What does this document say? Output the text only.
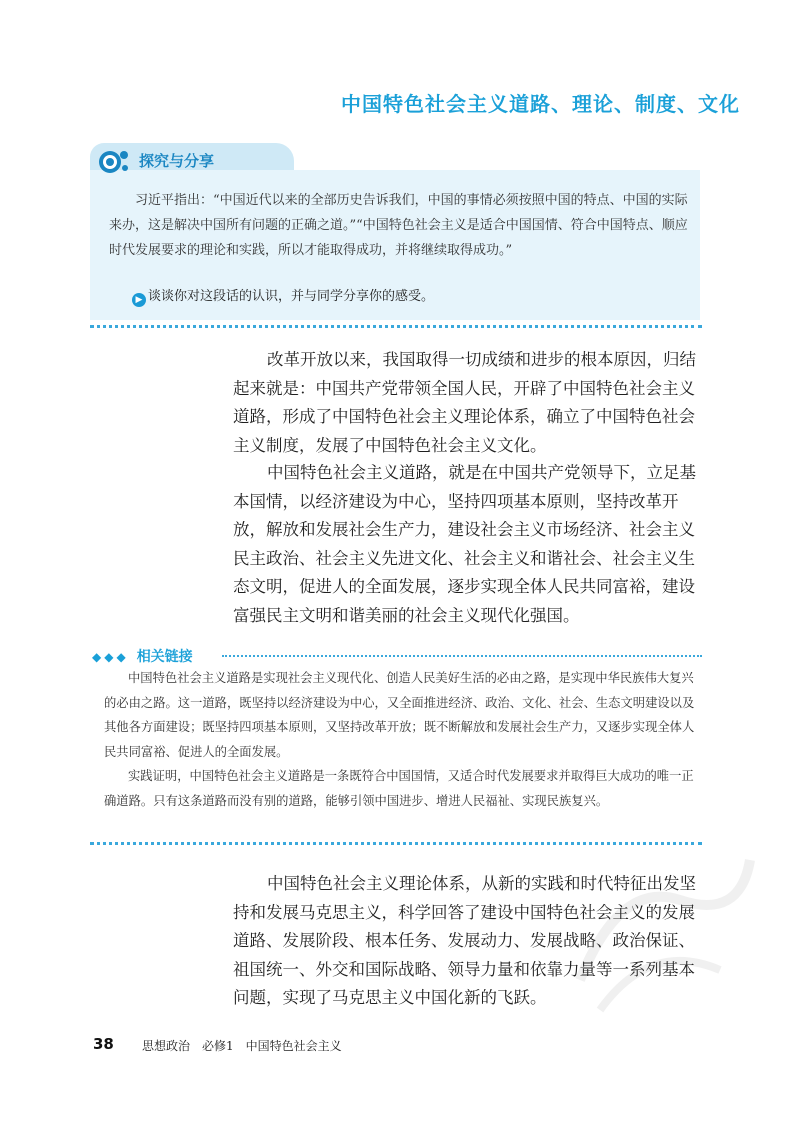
中国特色社会主义道路、理论、制度、文化
探究与分享

习近平指出：“中国近代以来的全部历史告诉我们，中国的事情必须按照中国的特点、中国的实际来办，这是解决中国所有问题的正确之道。”“中国特色社会主义是适合中国国情、符合中国特点、顺应时代发展要求的理论和实践，所以才能取得成功，并将继续取得成功。”

▶ 谈谈你对这段话的认识，并与同学分享你的感受。

改革开放以来，我国取得一切成绩和进步的根本原因，归结起来就是：中国共产党带领全国人民，开辟了中国特色社会主义道路，形成了中国特色社会主义理论体系，确立了中国特色社会主义制度，发展了中国特色社会主义文化。

中国特色社会主义道路，就是在中国共产党领导下，立足基本国情，以经济建设为中心，坚持四项基本原则，坚持改革开放，解放和发展社会生产力，建设社会主义市场经济、社会主义民主政治、社会主义先进文化、社会主义和谐社会、社会主义生态文明，促进人的全面发展，逐步实现全体人民共同富裕，建设富强民主文明和谐美丽的社会主义现代化强国。

◆◆◆ 相关链接

中国特色社会主义道路是实现社会主义现代化、创造人民美好生活的必由之路，是实现中华民族伟大复兴的必由之路。这一道路，既坚持以经济建设为中心，又全面推进经济、政治、文化、社会、生态文明建设以及其他各方面建设；既坚持四项基本原则，又坚持改革开放；既不断解放和发展社会生产力，又逐步实现全体人民共同富裕、促进人的全面发展。

实践证明，中国特色社会主义道路是一条既符合中国国情，又适合时代发展要求并取得巨大成功的唯一正确道路。只有这条道路而没有别的道路，能够引领中国进步、增进人民福祉、实现民族复兴。

中国特色社会主义理论体系，从新的实践和时代特征出发坚持和发展马克思主义，科学回答了建设中国特色社会主义的发展道路、发展阶段、根本任务、发展动力、发展战略、政治保证、祖国统一、外交和国际战略、领导力量和依靠力量等一系列基本问题，实现了马克思主义中国化新的飞跃。

38 思想政治　必修1　中国特色社会主义
